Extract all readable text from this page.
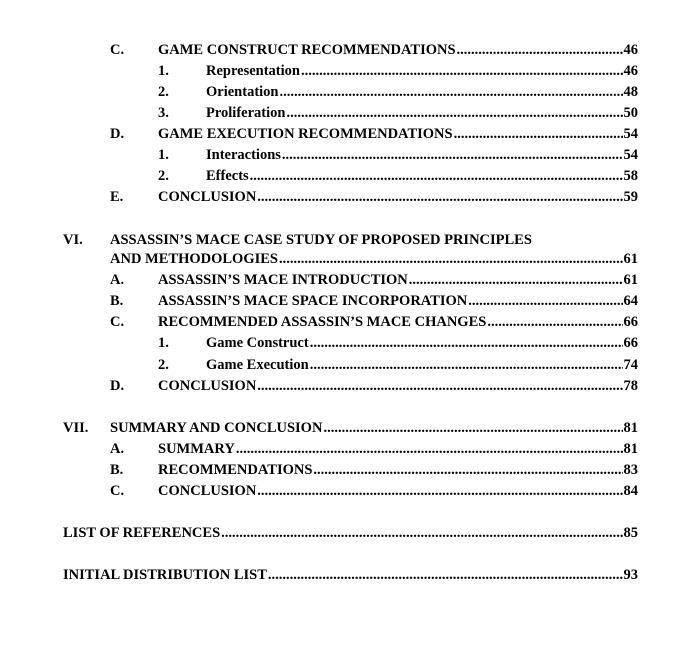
C.	GAME CONSTRUCT RECOMMENDATIONS .....	46
1.	Representation .....	46
2.	Orientation .....	48
3.	Proliferation .....	50
D.	GAME EXECUTION RECOMMENDATIONS .....	54
1.	Interactions .....	54
2.	Effects .....	58
E.	CONCLUSION .....	59
VI. ASSASSIN’S MACE CASE STUDY OF PROPOSED PRINCIPLES
AND METHODOLOGIES .....	61
A.	ASSASSIN’S MACE INTRODUCTION .....	61
B.	ASSASSIN’S MACE SPACE INCORPORATION .....	64
C.	RECOMMENDED ASSASSIN’S MACE CHANGES .....	66
1.	Game Construct .....	66
2.	Game Execution .....	74
D.	CONCLUSION .....	78
VII.	SUMMARY AND CONCLUSION .....	81
A.	SUMMARY .....	81
B.	RECOMMENDATIONS .....	83
C.	CONCLUSION .....	84
LIST OF REFERENCES .....	85
INITIAL DISTRIBUTION LIST .....	93
